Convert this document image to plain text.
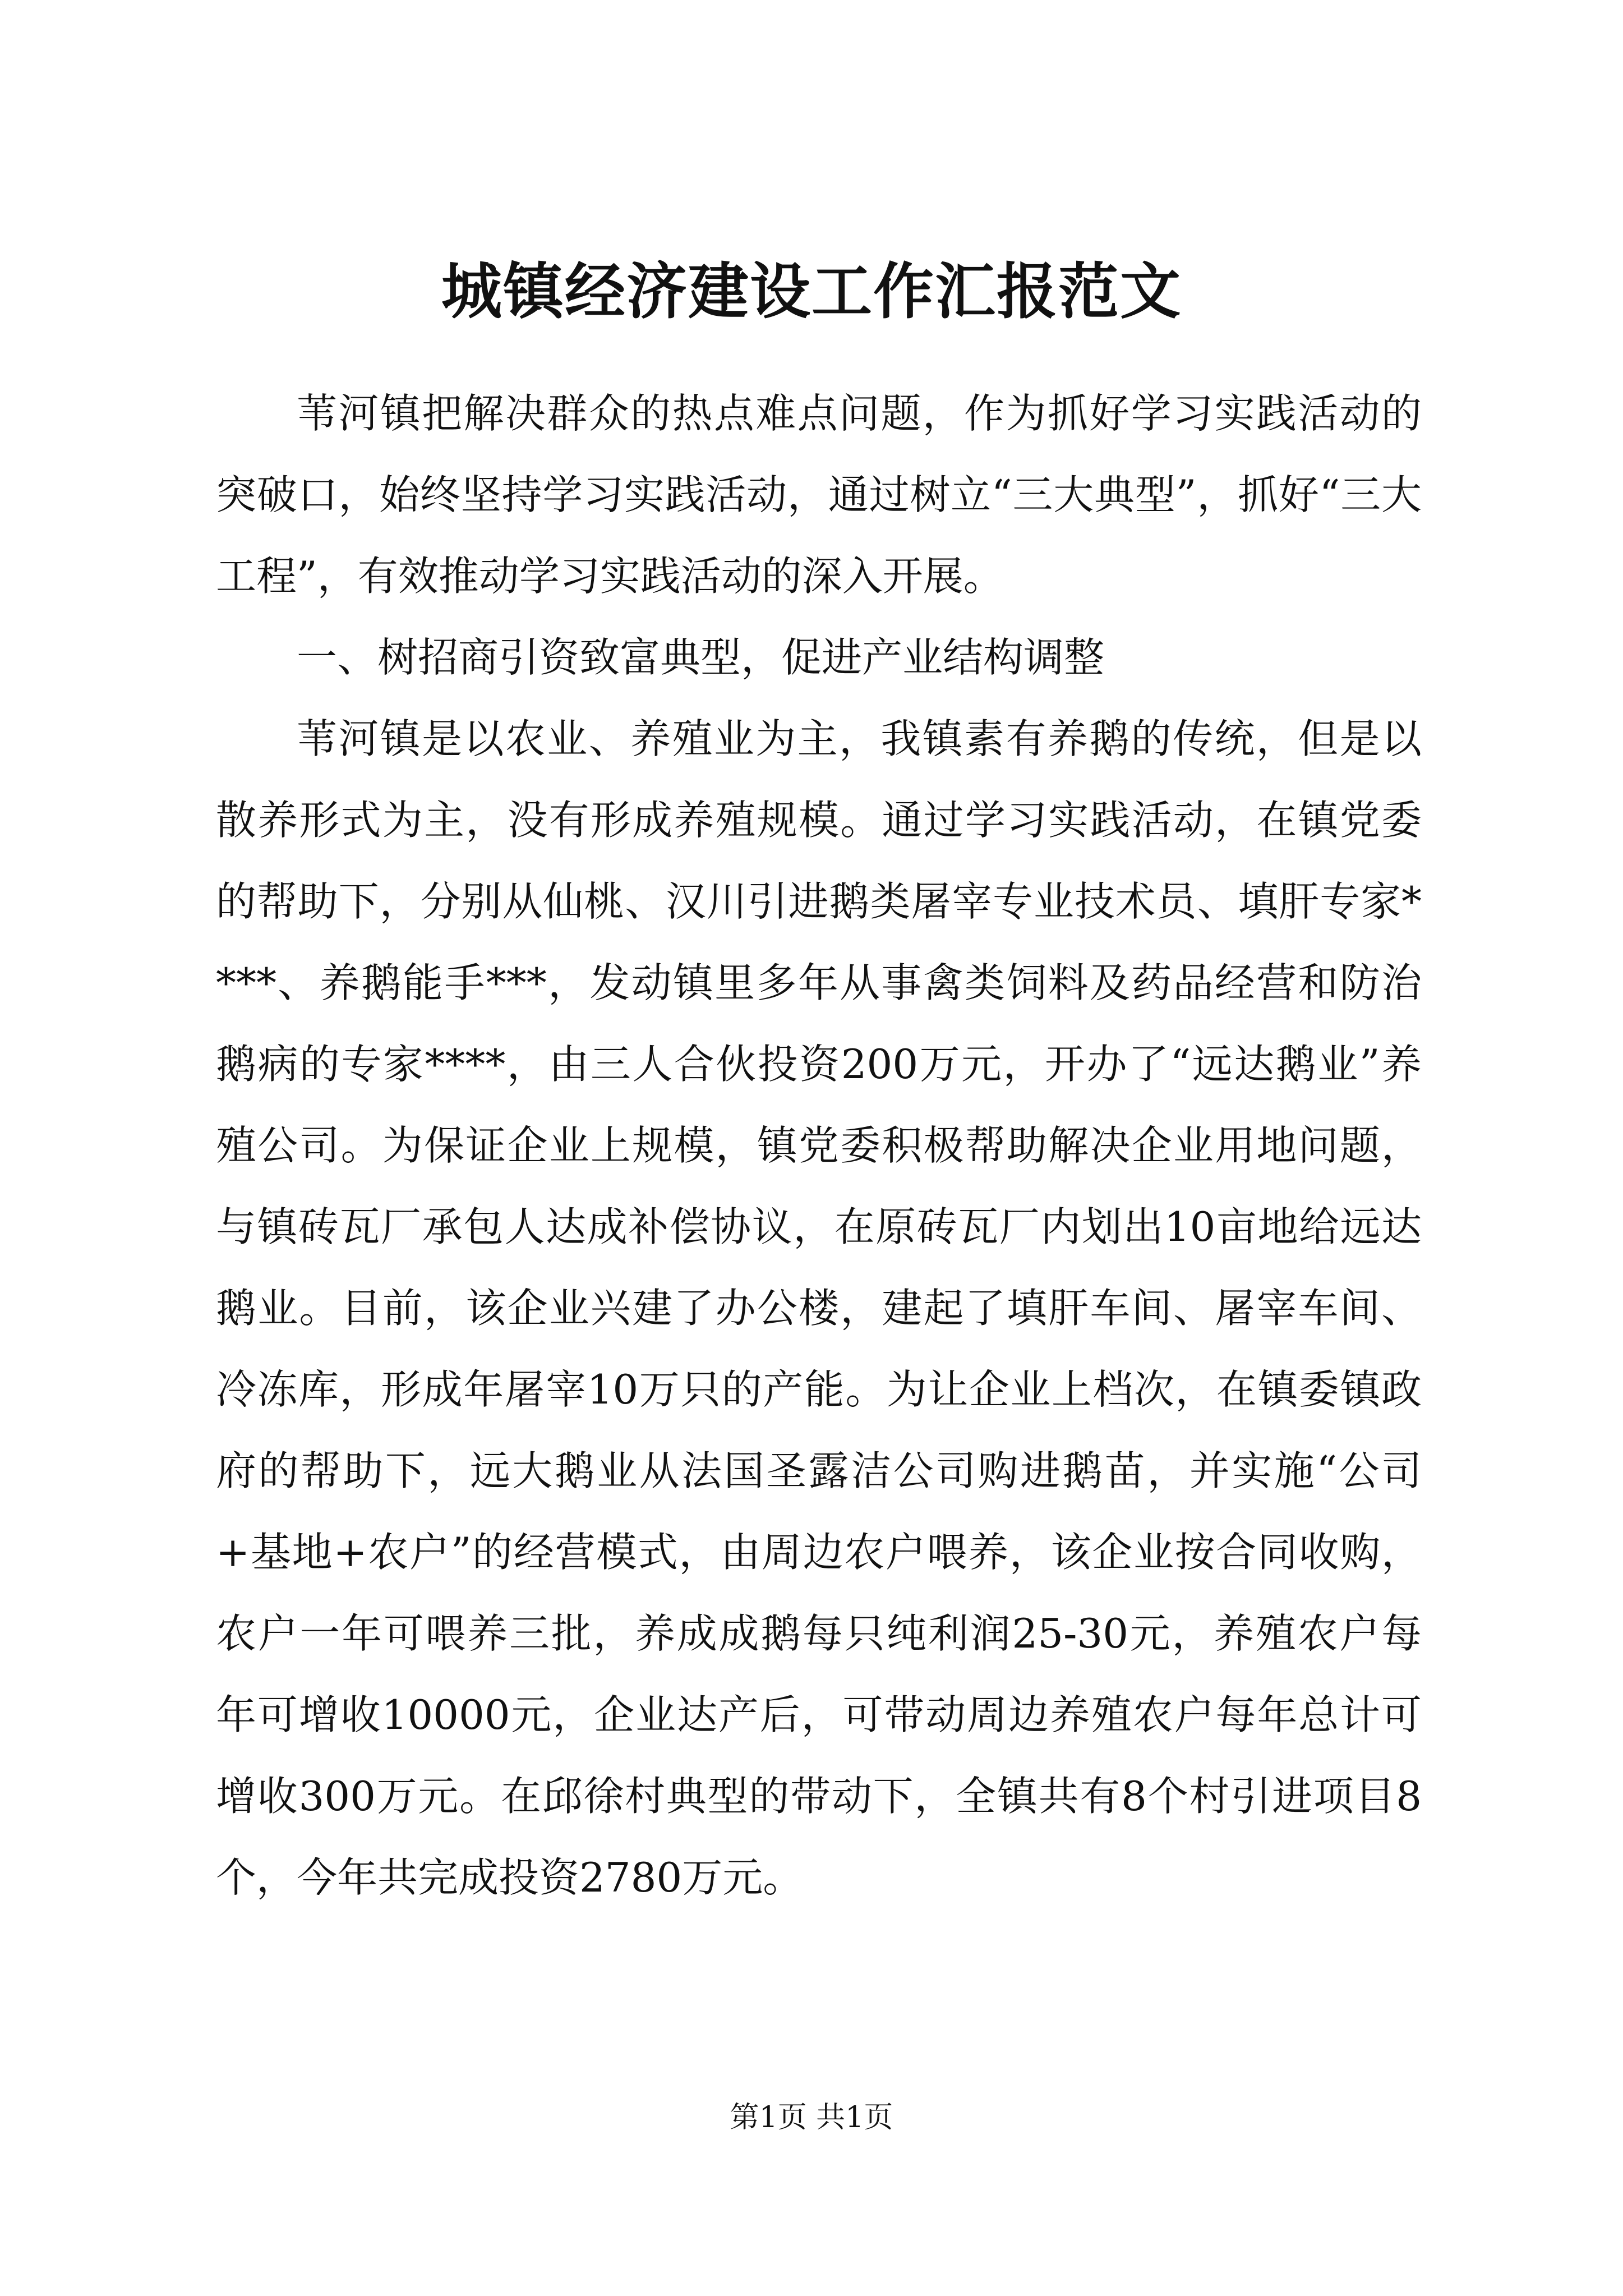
城镇经济建设工作汇报范文

苇河镇把解决群众的热点难点问题，作为抓好学习实践活动的突破口，始终坚持学习实践活动，通过树立“三大典型”，抓好“三大工程”，有效推动学习实践活动的深入开展。

一、树招商引资致富典型，促进产业结构调整

苇河镇是以农业、养殖业为主，我镇素有养鹅的传统，但是以散养形式为主，没有形成养殖规模。通过学习实践活动，在镇党委的帮助下，分别从仙桃、汉川引进鹅类屠宰专业技术员、填肝专家****、养鹅能手***，发动镇里多年从事禽类饲料及药品经营和防治鹅病的专家****，由三人合伙投资200万元，开办了“远达鹅业”养殖公司。为保证企业上规模，镇党委积极帮助解决企业用地问题，与镇砖瓦厂承包人达成补偿协议，在原砖瓦厂内划出10亩地给远达鹅业。目前，该企业兴建了办公楼，建起了填肝车间、屠宰车间、冷冻库，形成年屠宰10万只的产能。为让企业上档次，在镇委镇政府的帮助下，远大鹅业从法国圣露洁公司购进鹅苗，并实施“公司+基地+农户”的经营模式，由周边农户喂养，该企业按合同收购，农户一年可喂养三批，养成成鹅每只纯利润25-30元，养殖农户每年可增收10000元，企业达产后，可带动周边养殖农户每年总计可增收300万元。在邱徐村典型的带动下，全镇共有8个村引进项目8个，今年共完成投资2780万元。

第1页 共1页
